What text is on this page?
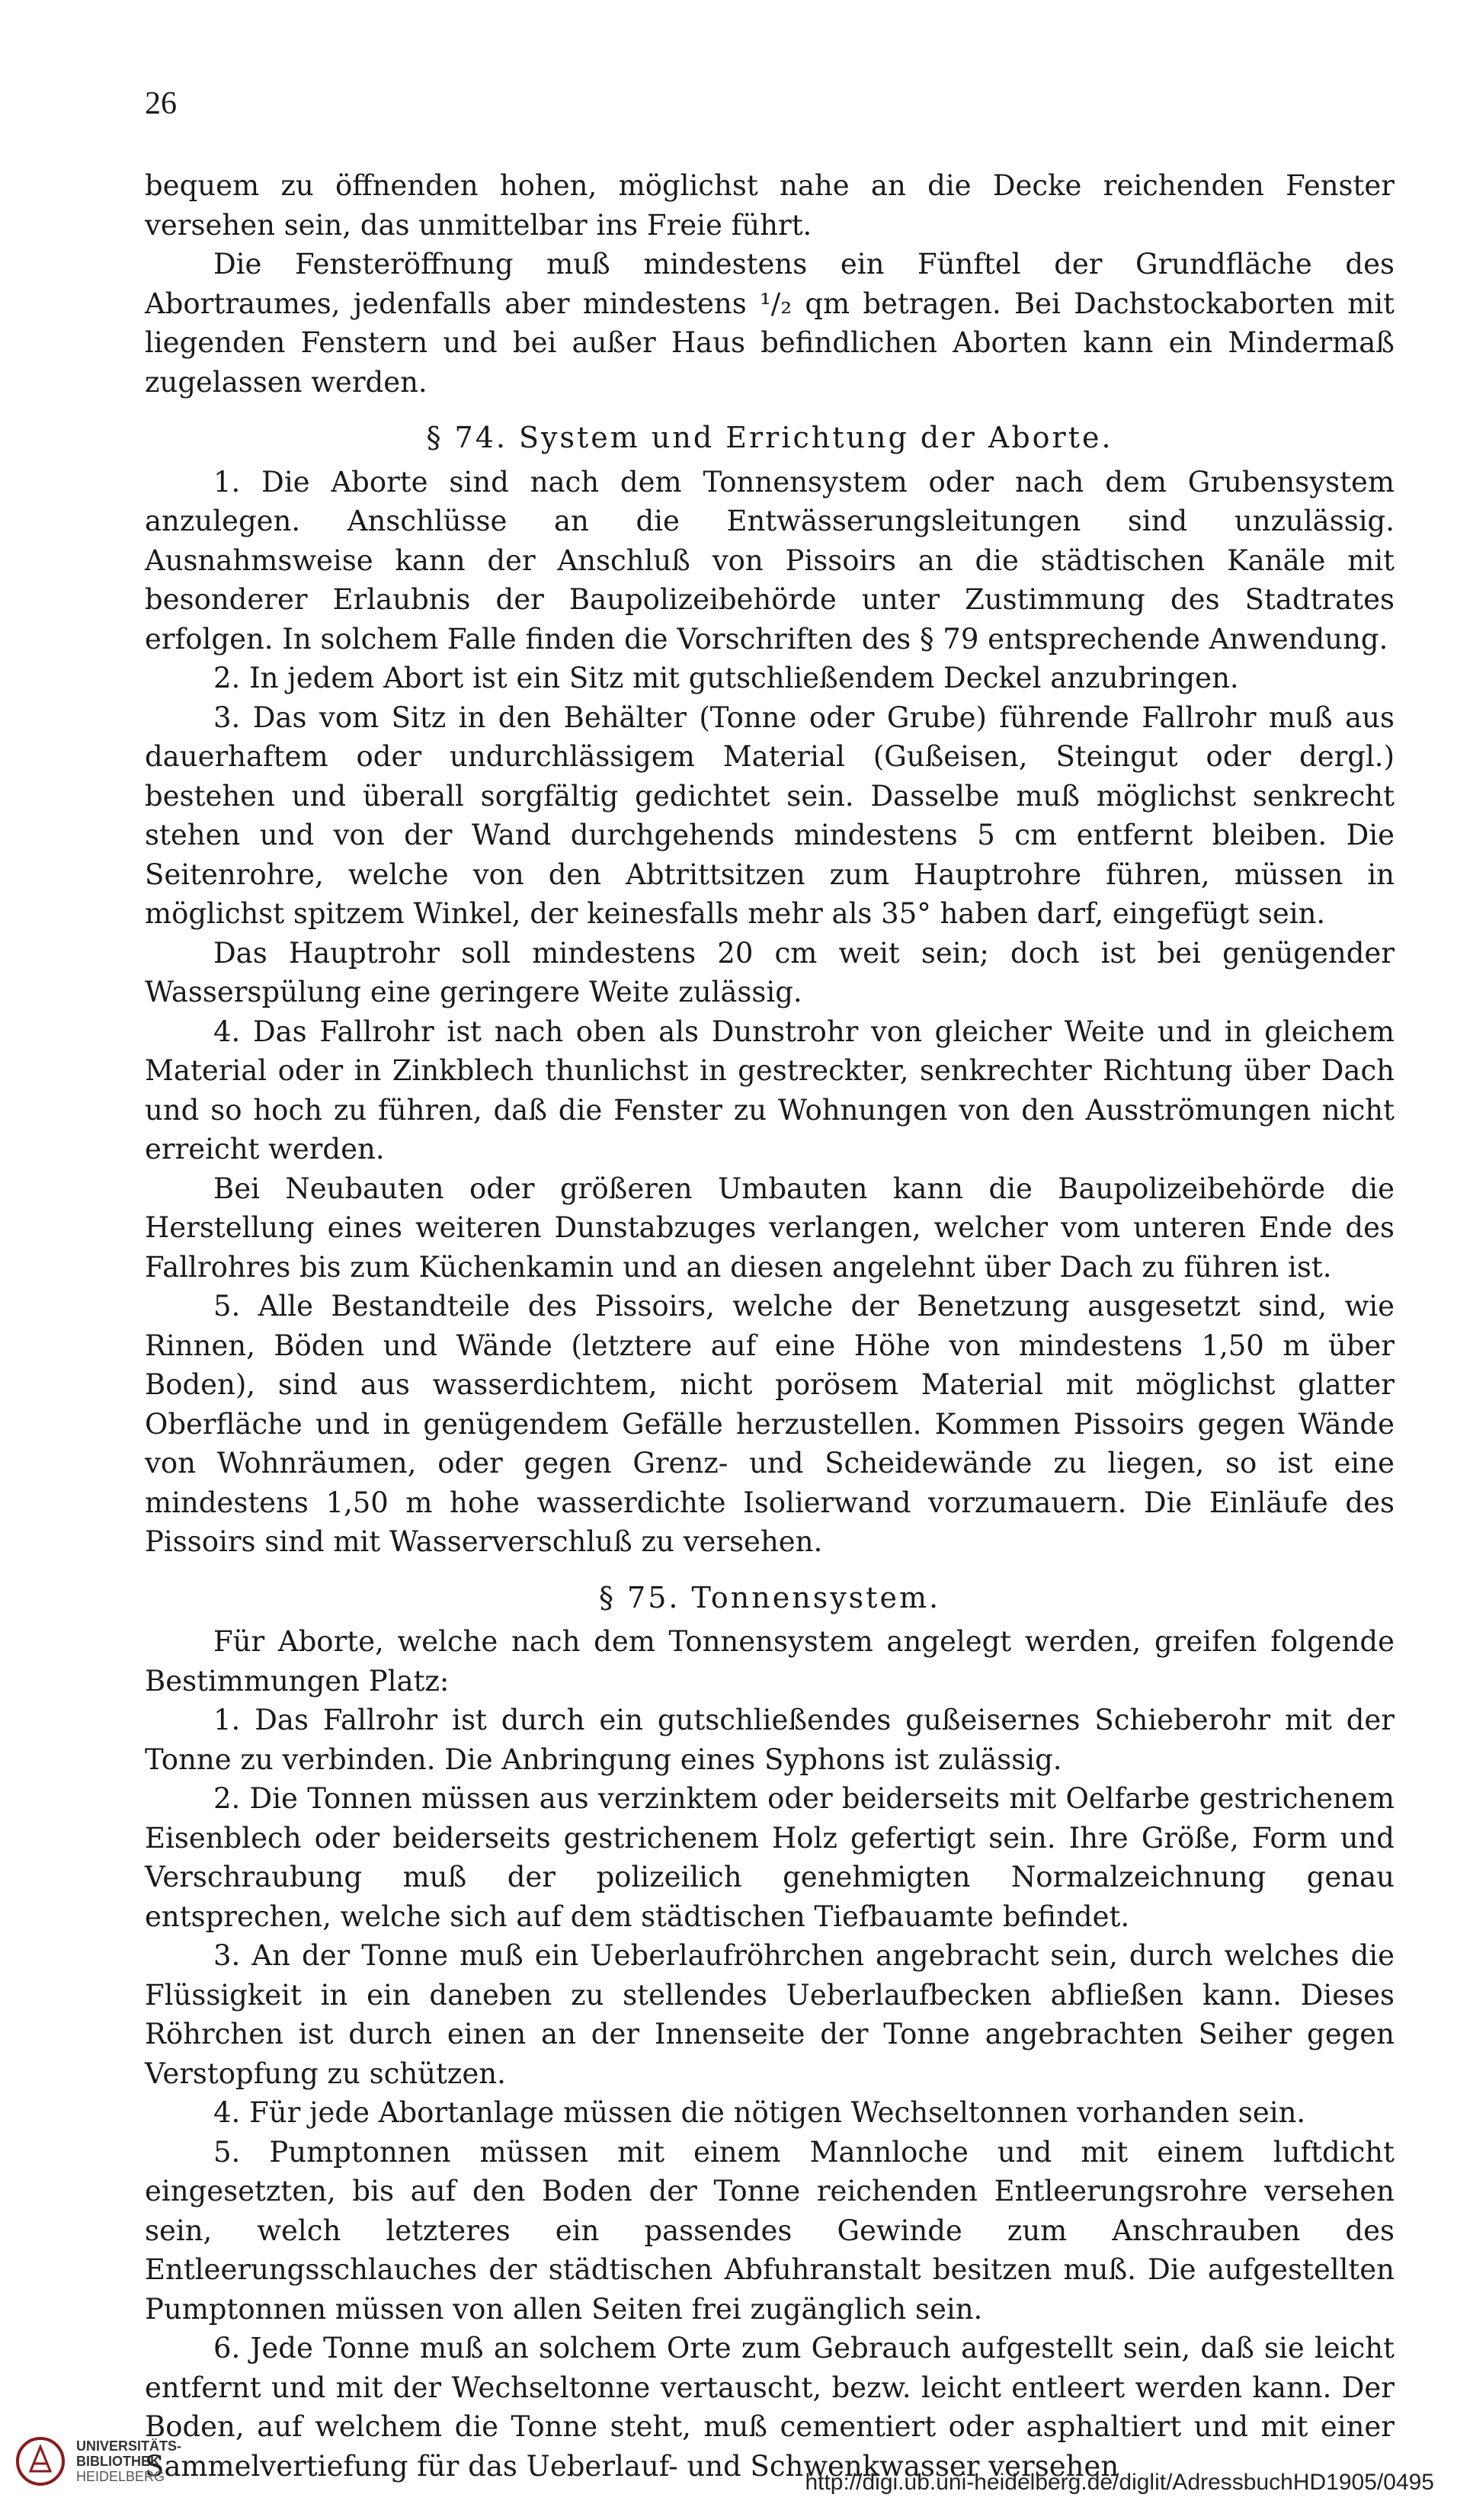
26

bequem zu öffnenden hohen, möglichst nahe an die Decke reichenden Fenster versehen sein, das unmittelbar ins Freie führt.

Die Fensteröffnung muß mindestens ein Fünftel der Grundfläche des Abortraumes, jedenfalls aber mindestens ¹/₂ qm betragen. Bei Dachstockaborten mit liegenden Fenstern und bei außer Haus befindlichen Aborten kann ein Mindermaß zugelassen werden.

§ 74. System und Errichtung der Aborte.

1. Die Aborte sind nach dem Tonnensystem oder nach dem Grubensystem anzulegen. Anschlüsse an die Entwässerungsleitungen sind unzulässig. Ausnahmsweise kann der Anschluß von Pissoirs an die städtischen Kanäle mit besonderer Erlaubnis der Baupolizeibehörde unter Zustimmung des Stadtrates erfolgen. In solchem Falle finden die Vorschriften des § 79 entsprechende Anwendung.

2. In jedem Abort ist ein Sitz mit gutschließendem Deckel anzubringen.

3. Das vom Sitz in den Behälter (Tonne oder Grube) führende Fallrohr muß aus dauerhaftem oder undurchlässigem Material (Gußeisen, Steingut oder dergl.) bestehen und überall sorgfältig gedichtet sein. Dasselbe muß möglichst senkrecht stehen und von der Wand durchgehends mindestens 5 cm entfernt bleiben. Die Seitenrohre, welche von den Abtrittsitzen zum Hauptrohre führen, müssen in möglichst spitzem Winkel, der keinesfalls mehr als 35° haben darf, eingefügt sein.

Das Hauptrohr soll mindestens 20 cm weit sein; doch ist bei genügender Wasserspülung eine geringere Weite zulässig.

4. Das Fallrohr ist nach oben als Dunstrohr von gleicher Weite und in gleichem Material oder in Zinkblech thunlichst in gestreckter, senkrechter Richtung über Dach und so hoch zu führen, daß die Fenster zu Wohnungen von den Ausströmungen nicht erreicht werden.

Bei Neubauten oder größeren Umbauten kann die Baupolizeibehörde die Herstellung eines weiteren Dunstabzuges verlangen, welcher vom unteren Ende des Fallrohres bis zum Küchenkamin und an diesen angelehnt über Dach zu führen ist.

5. Alle Bestandteile des Pissoirs, welche der Benetzung ausgesetzt sind, wie Rinnen, Böden und Wände (letztere auf eine Höhe von mindestens 1,50 m über Boden), sind aus wasserdichtem, nicht porösem Material mit möglichst glatter Oberfläche und in genügendem Gefälle herzustellen. Kommen Pissoirs gegen Wände von Wohnräumen, oder gegen Grenz- und Scheidewände zu liegen, so ist eine mindestens 1,50 m hohe wasserdichte Isolierwand vorzumauern. Die Einläufe des Pissoirs sind mit Wasserverschluß zu versehen.

§ 75. Tonnensystem.

Für Aborte, welche nach dem Tonnensystem angelegt werden, greifen folgende Bestimmungen Platz:

1. Das Fallrohr ist durch ein gutschließendes gußeisernes Schieberohr mit der Tonne zu verbinden. Die Anbringung eines Syphons ist zulässig.

2. Die Tonnen müssen aus verzinktem oder beiderseits mit Oelfarbe gestrichenem Eisenblech oder beiderseits gestrichenem Holz gefertigt sein. Ihre Größe, Form und Verschraubung muß der polizeilich genehmigten Normalzeichnung genau entsprechen, welche sich auf dem städtischen Tiefbauamte befindet.

3. An der Tonne muß ein Ueberlaufröhrchen angebracht sein, durch welches die Flüssigkeit in ein daneben zu stellendes Ueberlaufbecken abfließen kann. Dieses Röhrchen ist durch einen an der Innenseite der Tonne angebrachten Seiher gegen Verstopfung zu schützen.

4. Für jede Abortanlage müssen die nötigen Wechseltonnen vorhanden sein.

5. Pumptonnen müssen mit einem Mannloche und mit einem luftdicht eingesetzten, bis auf den Boden der Tonne reichenden Entleerungsrohre versehen sein, welch letzteres ein passendes Gewinde zum Anschrauben des Entleerungsschlauches der städtischen Abfuhranstalt besitzen muß. Die aufgestellten Pumptonnen müssen von allen Seiten frei zugänglich sein.

6. Jede Tonne muß an solchem Orte zum Gebrauch aufgestellt sein, daß sie leicht entfernt und mit der Wechseltonne vertauscht, bezw. leicht entleert werden kann. Der Boden, auf welchem die Tonne steht, muß cementiert oder asphaltiert und mit einer Sammelvertiefung für das Ueberlauf- und Schwenkwasser versehen

UNIVERSITÄTS-
BIBLIOTHEK
HEIDELBERG	http://digi.ub.uni-heidelberg.de/diglit/AdressbuchHD1905/0495
